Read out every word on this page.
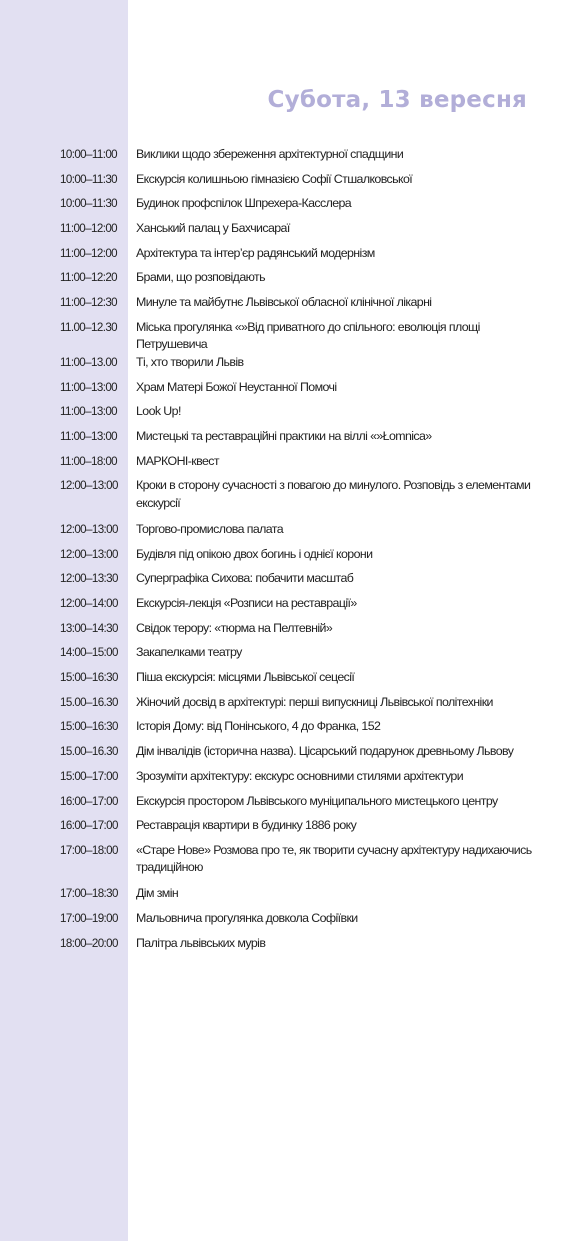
Субота, 13 вересня
10:00–11:00 Виклики щодо збереження архітектурної спадщини
10:00–11:30 Екскурсія колишньою гімназією Софії Стшалковської
10:00–11:30 Будинок профспілок Шпрехера-Касслера
11:00–12:00 Ханський палац у Бахчисараї
11:00–12:00 Архітектура та інтер’єр радянський модернізм
11:00–12:20 Брами, що розповідають
11:00–12:30 Минуле та майбутнє Львівської обласної клінічної лікарні
11.00–12.30 Міська прогулянка «»Від приватного до спільного: еволюція площі Петрушевича
11:00–13.00 Ті, хто творили Львів
11:00–13:00 Храм Матері Божої Неустанної Помочі
11:00–13:00 Look Up!
11:00–13:00 Мистецькі та реставраційні практики на віллі «»Łomnica»
11:00–18:00 МАРКОНІ-квест
12:00–13:00 Кроки в сторону сучасності з повагою до минулого. Розповідь з елементами екскурсії
12:00–13:00 Торгово-промислова палата
12:00–13:00 Будівля під опікою двох богинь і однієї корони
12:00–13:30 Суперграфіка Сихова: побачити масштаб
12:00–14:00 Екскурсія-лекція «Розписи на реставрації»
13:00–14:30 Свідок терору: «тюрма на Пелтевній»
14:00–15:00 Закапелками театру
15:00–16:30 Піша екскурсія: місцями Львівської сецесії
15.00–16.30 Жіночий досвід в архітектурі: перші випускниці Львівської політехніки
15:00–16:30 Історія Дому: від Понінського, 4 до Франка, 152
15.00–16.30 Дім інвалідів (історична назва). Цісарський подарунок древньому Львову
15:00–17:00 Зрозуміти архітектуру: екскурс основними стилями архітектури
16:00–17:00 Екскурсія простором Львівського муніципального мистецького центру
16:00–17:00 Реставрація квартири в будинку 1886 року
17:00–18:00 «Старе Нове» Розмова про те, як творити сучасну архітектуру надихаючись традиційною
17:00–18:30 Дім змін
17:00–19:00 Мальовнича прогулянка довкола Софіївки
18:00–20:00 Палітра львівських мурів
